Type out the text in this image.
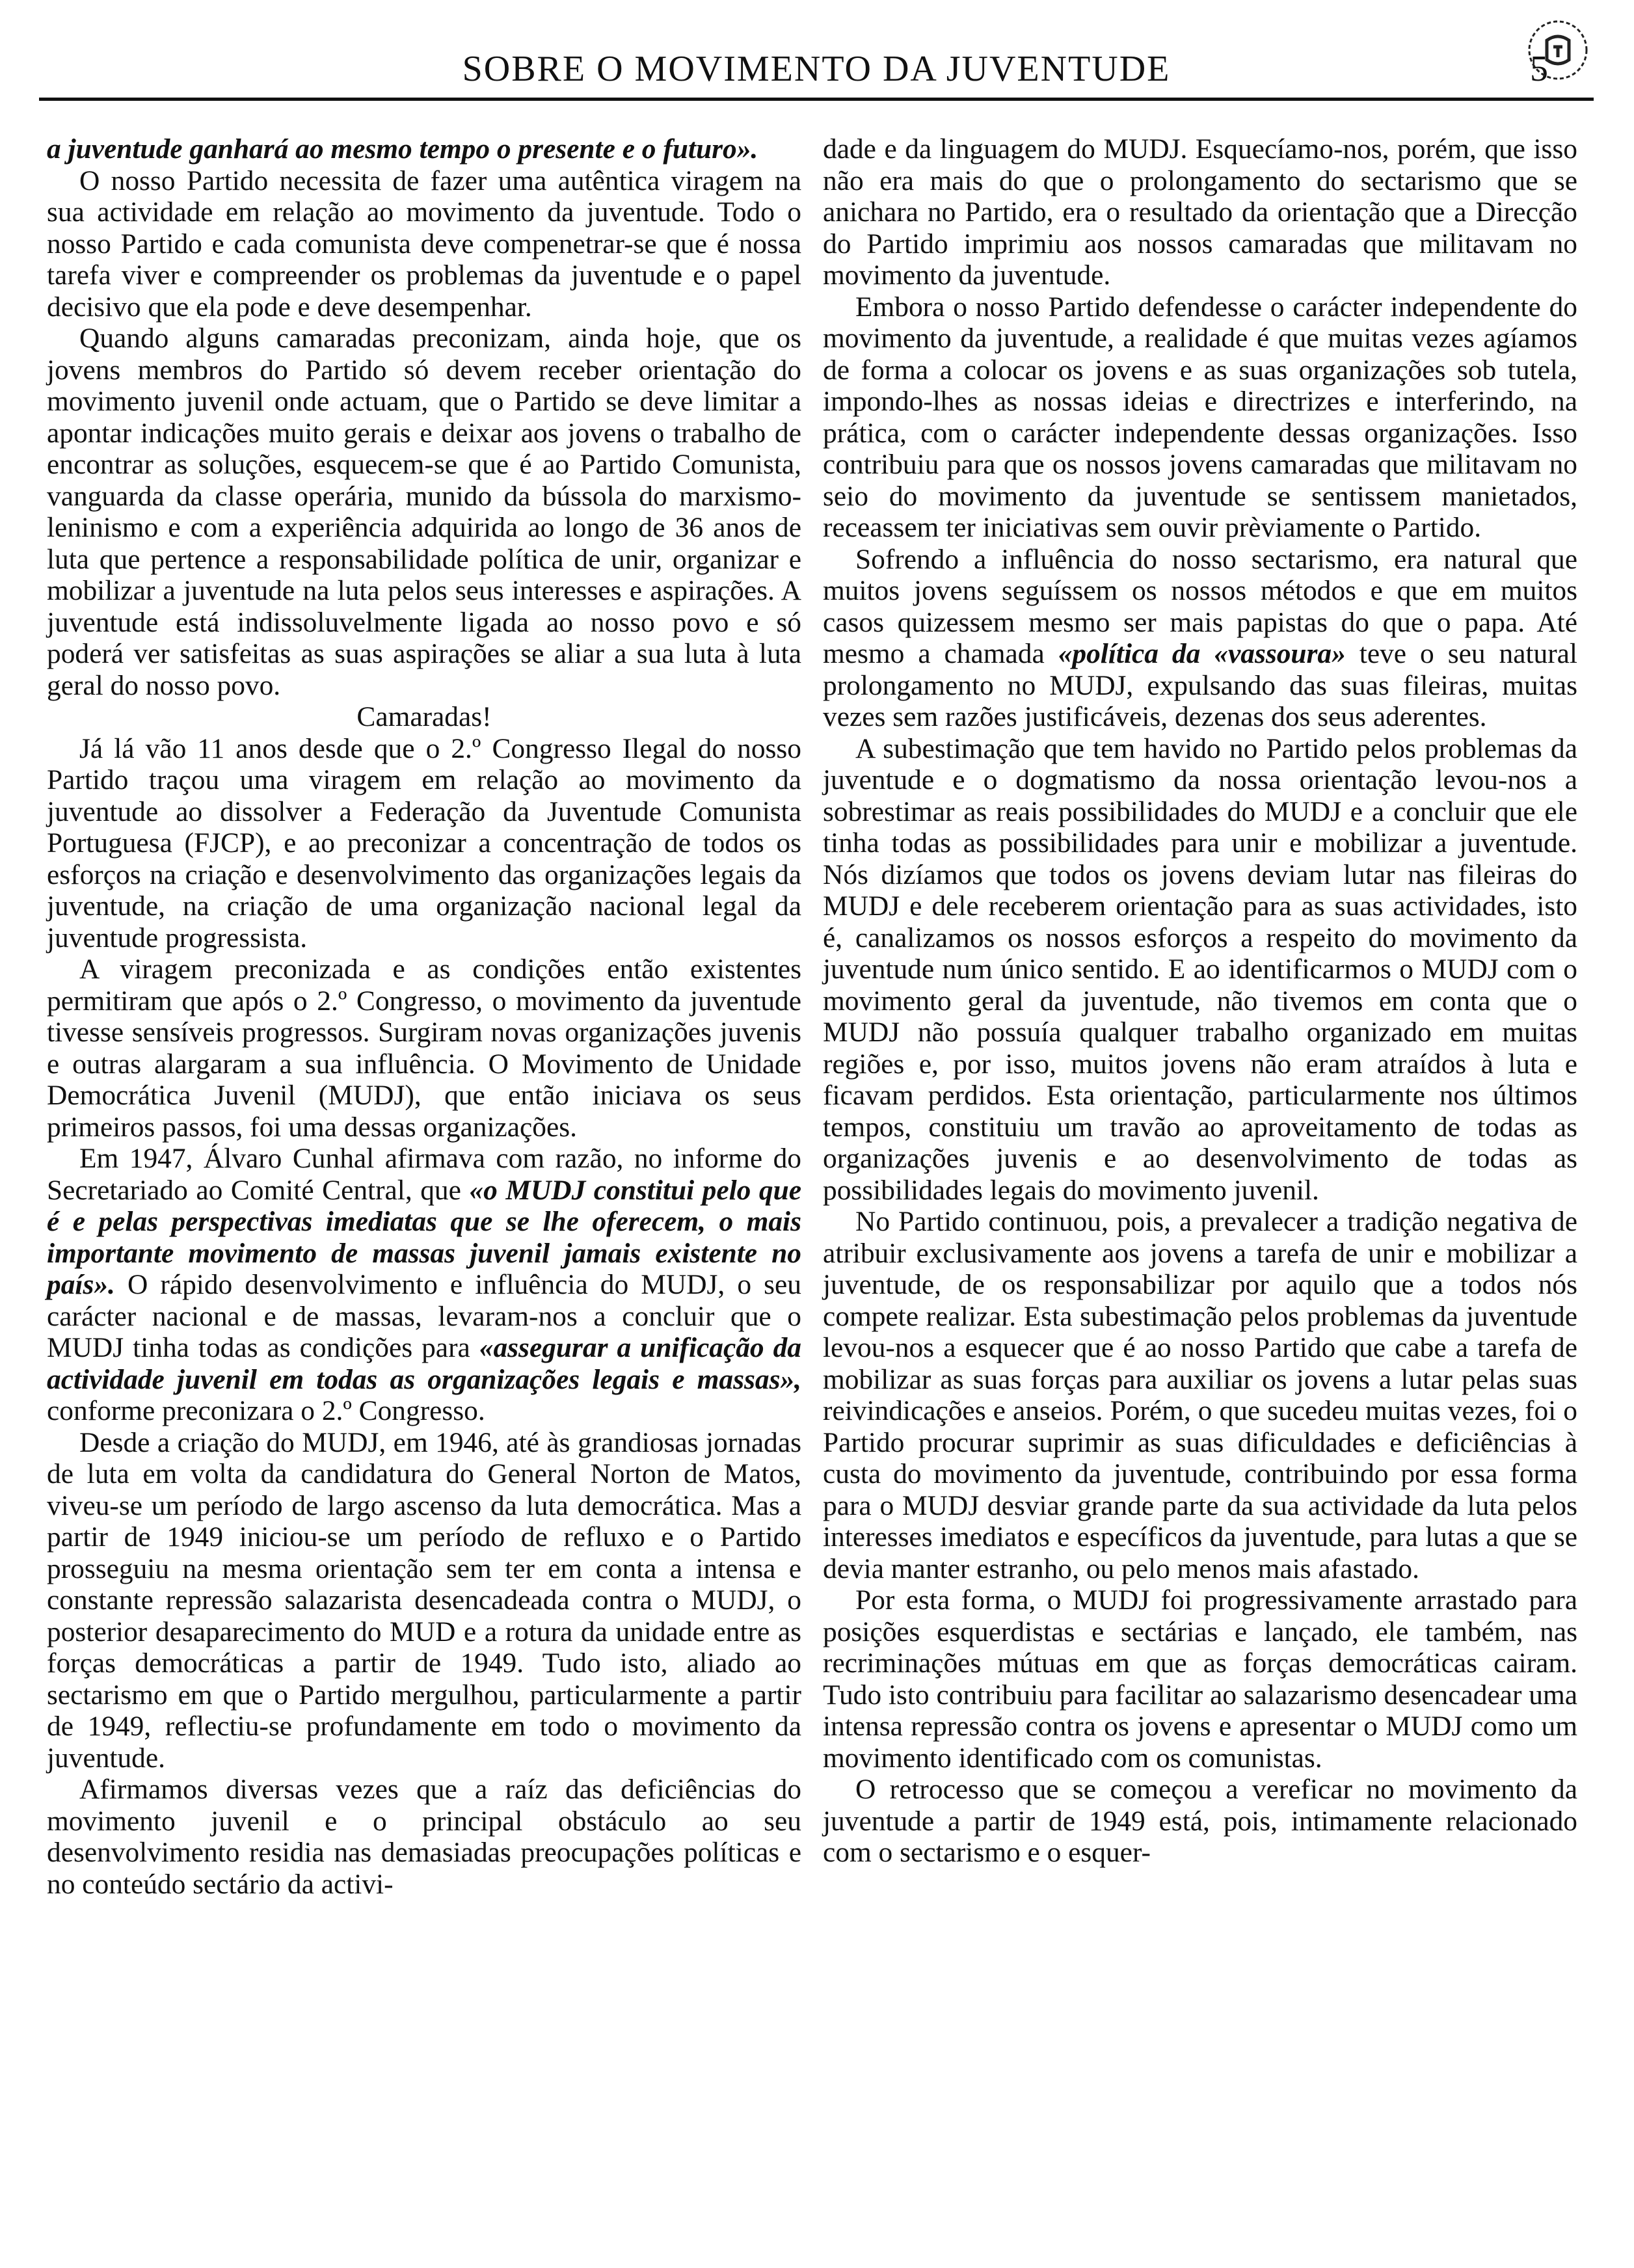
SOBRE O MOVIMENTO DA JUVENTUDE	5

a juventude ganhará ao mesmo tempo o presente e o futuro».

O nosso Partido necessita de fazer uma autêntica viragem na sua actividade em relação ao movimento da juventude. Todo o nosso Partido e cada comunista deve compenetrar-se que é nossa tarefa viver e compreender os problemas da juventude e o papel decisivo que ela pode e deve desempenhar.

Quando alguns camaradas preconizam, ainda hoje, que os jovens membros do Partido só devem receber orientação do movimento juvenil onde actuam, que o Partido se deve limitar a apontar indicações muito gerais e deixar aos jovens o trabalho de encontrar as soluções, esquecem-se que é ao Partido Comunista, vanguarda da classe operária, munido da bússola do marxismo-leninismo e com a experiência adquirida ao longo de 36 anos de luta que pertence a responsabilidade política de unir, organizar e mobilizar a juventude na luta pelos seus interesses e aspirações. A juventude está indissoluvelmente ligada ao nosso povo e só poderá ver satisfeitas as suas aspirações se aliar a sua luta à luta geral do nosso povo.

Camaradas!

Já lá vão 11 anos desde que o 2.º Congresso Ilegal do nosso Partido traçou uma viragem em relação ao movimento da juventude ao dissolver a Federação da Juventude Comunista Portuguesa (FJCP), e ao preconizar a concentração de todos os esforços na criação e desenvolvimento das organizações legais da juventude, na criação de uma organização nacional legal da juventude progressista.

A viragem preconizada e as condições então existentes permitiram que após o 2.º Congresso, o movimento da juventude tivesse sensíveis progressos. Surgiram novas organizações juvenis e outras alargaram a sua influência. O Movimento de Unidade Democrática Juvenil (MUDJ), que então iniciava os seus primeiros passos, foi uma dessas organizações.

Em 1947, Álvaro Cunhal afirmava com razão, no informe do Secretariado ao Comité Central, que «o MUDJ constitui pelo que é e pelas perspectivas imediatas que se lhe oferecem, o mais importante movimento de massas juvenil jamais existente no país». O rápido desenvolvimento e influência do MUDJ, o seu carácter nacional e de massas, levaram-nos a concluir que o MUDJ tinha todas as condições para «assegurar a unificação da actividade juvenil em todas as organizações legais e massas», conforme preconizara o 2.º Congresso.

Desde a criação do MUDJ, em 1946, até às grandiosas jornadas de luta em volta da candidatura do General Norton de Matos, viveu-se um período de largo ascenso da luta democrática. Mas a partir de 1949 iniciou-se um período de refluxo e o Partido prosseguiu na mesma orientação sem ter em conta a intensa e constante repressão salazarista desencadeada contra o MUDJ, o posterior desaparecimento do MUD e a rotura da unidade entre as forças democráticas a partir de 1949. Tudo isto, aliado ao sectarismo em que o Partido mergulhou, particularmente a partir de 1949, reflectiu-se profundamente em todo o movimento da juventude.

Afirmamos diversas vezes que a raíz das deficiências do movimento juvenil e o principal obstáculo ao seu desenvolvimento residia nas demasiadas preocupações políticas e no conteúdo sectário da activi-

dade e da linguagem do MUDJ. Esquecíamo-nos, porém, que isso não era mais do que o prolongamento do sectarismo que se anichara no Partido, era o resultado da orientação que a Direcção do Partido imprimiu aos nossos camaradas que militavam no movimento da juventude.

Embora o nosso Partido defendesse o carácter independente do movimento da juventude, a realidade é que muitas vezes agíamos de forma a colocar os jovens e as suas organizações sob tutela, impondo-lhes as nossas ideias e directrizes e interferindo, na prática, com o carácter independente dessas organizações. Isso contribuiu para que os nossos jovens camaradas que militavam no seio do movimento da juventude se sentissem manietados, receassem ter iniciativas sem ouvir prèviamente o Partido.

Sofrendo a influência do nosso sectarismo, era natural que muitos jovens seguíssem os nossos métodos e que em muitos casos quizessem mesmo ser mais papistas do que o papa. Até mesmo a chamada «política da «vassoura» teve o seu natural prolongamento no MUDJ, expulsando das suas fileiras, muitas vezes sem razões justificáveis, dezenas dos seus aderentes.

A subestimação que tem havido no Partido pelos problemas da juventude e o dogmatismo da nossa orientação levou-nos a sobrestimar as reais possibilidades do MUDJ e a concluir que ele tinha todas as possibilidades para unir e mobilizar a juventude. Nós dizíamos que todos os jovens deviam lutar nas fileiras do MUDJ e dele receberem orientação para as suas actividades, isto é, canalizamos os nossos esforços a respeito do movimento da juventude num único sentido. E ao identificarmos o MUDJ com o movimento geral da juventude, não tivemos em conta que o MUDJ não possuía qualquer trabalho organizado em muitas regiões e, por isso, muitos jovens não eram atraídos à luta e ficavam perdidos. Esta orientação, particularmente nos últimos tempos, constituiu um travão ao aproveitamento de todas as organizações juvenis e ao desenvolvimento de todas as possibilidades legais do movimento juvenil.

No Partido continuou, pois, a prevalecer a tradição negativa de atribuir exclusivamente aos jovens a tarefa de unir e mobilizar a juventude, de os responsabilizar por aquilo que a todos nós compete realizar. Esta subestimação pelos problemas da juventude levou-nos a esquecer que é ao nosso Partido que cabe a tarefa de mobilizar as suas forças para auxiliar os jovens a lutar pelas suas reivindicações e anseios. Porém, o que sucedeu muitas vezes, foi o Partido procurar suprimir as suas dificuldades e deficiências à custa do movimento da juventude, contribuindo por essa forma para o MUDJ desviar grande parte da sua actividade da luta pelos interesses imediatos e específicos da juventude, para lutas a que se devia manter estranho, ou pelo menos mais afastado.

Por esta forma, o MUDJ foi progressivamente arrastado para posições esquerdistas e sectárias e lançado, ele também, nas recriminações mútuas em que as forças democráticas cairam. Tudo isto contribuiu para facilitar ao salazarismo desencadear uma intensa repressão contra os jovens e apresentar o MUDJ como um movimento identificado com os comunistas.

O retrocesso que se começou a vereficar no movimento da juventude a partir de 1949 está, pois, intimamente relacionado com o sectarismo e o esquer-
